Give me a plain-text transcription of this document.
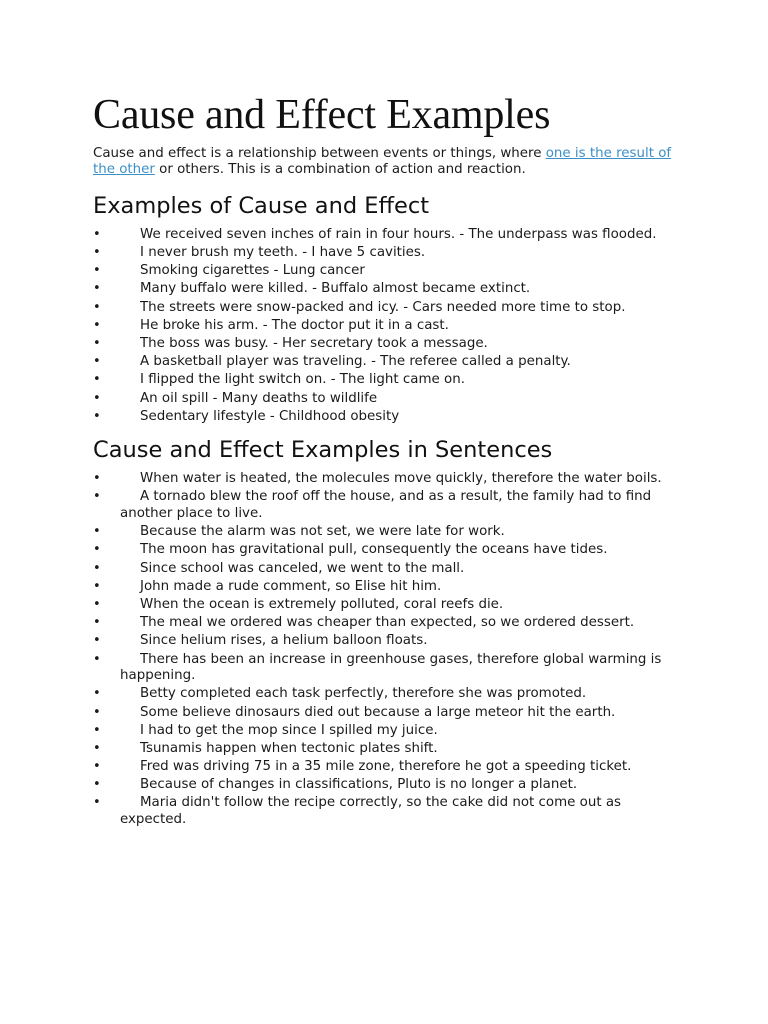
Cause and Effect Examples

Cause and effect is a relationship between events or things, where one is the result of the other or others. This is a combination of action and reaction.

Examples of Cause and Effect
•	We received seven inches of rain in four hours. - The underpass was flooded.
•	I never brush my teeth. - I have 5 cavities.
•	Smoking cigarettes - Lung cancer
•	Many buffalo were killed. - Buffalo almost became extinct.
•	The streets were snow-packed and icy. - Cars needed more time to stop.
•	He broke his arm. - The doctor put it in a cast.
•	The boss was busy. - Her secretary took a message.
•	A basketball player was traveling. - The referee called a penalty.
•	I flipped the light switch on. - The light came on.
•	An oil spill - Many deaths to wildlife
•	Sedentary lifestyle - Childhood obesity
Cause and Effect Examples in Sentences
•	When water is heated, the molecules move quickly, therefore the water boils.
•	A tornado blew the roof off the house, and as a result, the family had to find another place to live.
•	Because the alarm was not set, we were late for work.
•	The moon has gravitational pull, consequently the oceans have tides.
•	Since school was canceled, we went to the mall.
•	John made a rude comment, so Elise hit him.
•	When the ocean is extremely polluted, coral reefs die.
•	The meal we ordered was cheaper than expected, so we ordered dessert.
•	Since helium rises, a helium balloon floats.
•	There has been an increase in greenhouse gases, therefore global warming is happening.
•	Betty completed each task perfectly, therefore she was promoted.
•	Some believe dinosaurs died out because a large meteor hit the earth.
•	I had to get the mop since I spilled my juice.
•	Tsunamis happen when tectonic plates shift.
•	Fred was driving 75 in a 35 mile zone, therefore he got a speeding ticket.
•	Because of changes in classifications, Pluto is no longer a planet.
•	Maria didn't follow the recipe correctly, so the cake did not come out as expected.
